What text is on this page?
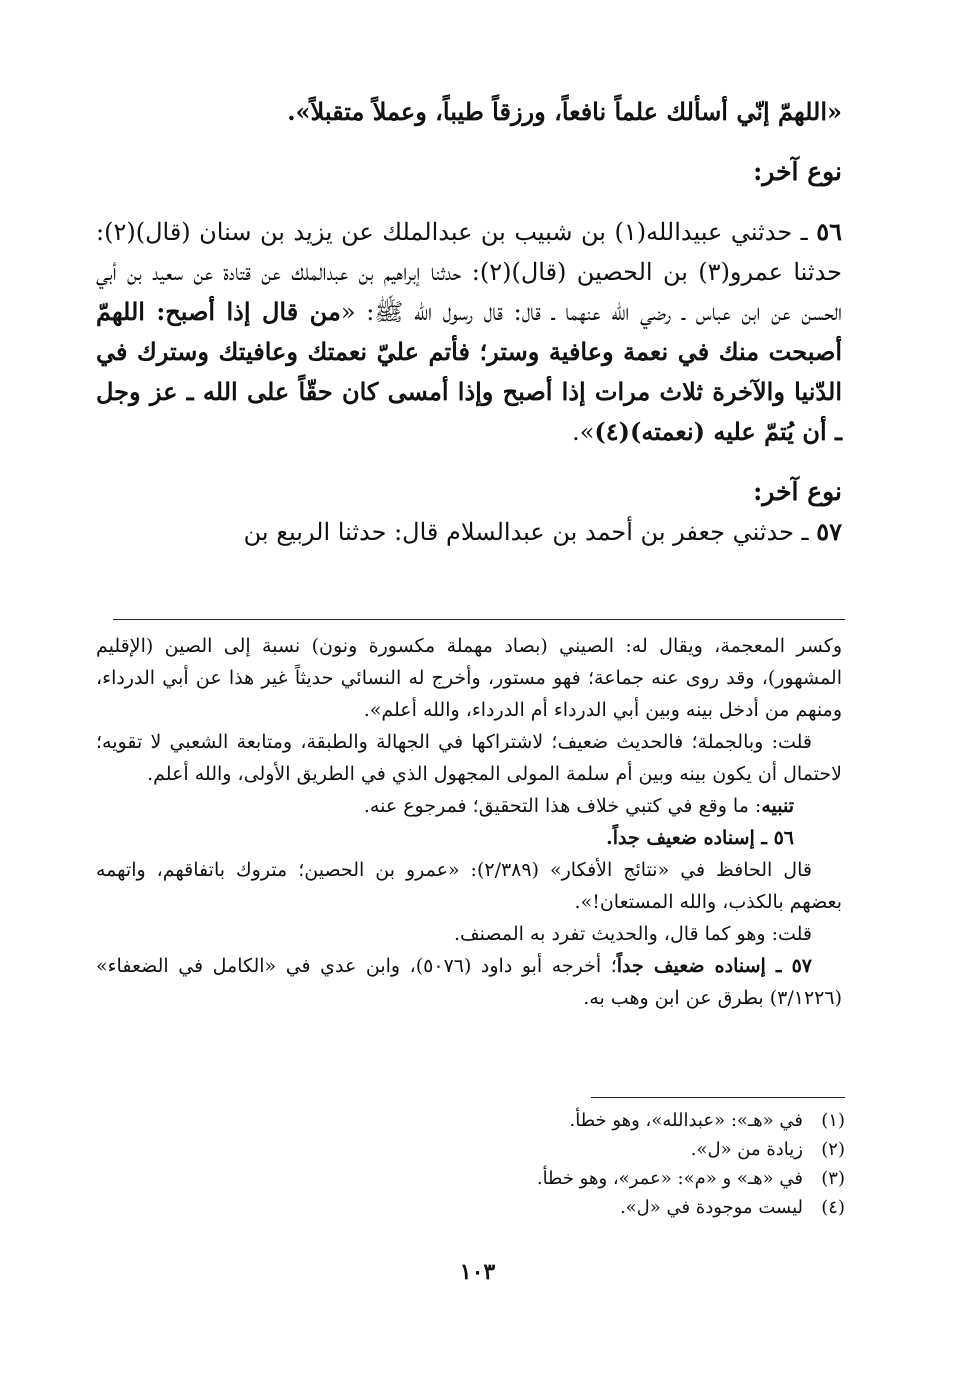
«اللهمّ إنّي أسألك علماً نافعاً، ورزقاً طيباً، وعملاً متقبلاً».

نوع آخر:

٥٦ ـ حدثني عبيدالله(١) بن شبيب بن عبدالملك عن يزيد بن سنان (قال)(٢): حدثنا عمرو(٣) بن الحصين (قال)(٢): حدثنا إبراهيم بن عبدالملك عن قتادة عن سعيد بن أبي الحسن عن ابن عباس ـ رضي الله عنهما ـ قال: قال رسول الله ﷺ: «من قال إذا أصبح: اللهمّ أصبحت منك في نعمة وعافية وستر؛ فأتم عليّ نعمتك وعافيتك وسترك في الدّنيا والآخرة ثلاث مرات إذا أصبح وإذا أمسى كان حقّاً على الله ـ عز وجل ـ أن يُتمّ عليه (نعمته)(٤)».

نوع آخر:

٥٧ ـ حدثني جعفر بن أحمد بن عبدالسلام قال: حدثنا الربيع بن

وكسر المعجمة، ويقال له: الصيني (بصاد مهملة مكسورة ونون) نسبة إلى الصين (الإقليم المشهور)، وقد روى عنه جماعة؛ فهو مستور، وأخرج له النسائي حديثاً غير هذا عن أبي الدرداء، ومنهم من أدخل بينه وبين أبي الدرداء أم الدرداء، والله أعلم».

قلت: وبالجملة؛ فالحديث ضعيف؛ لاشتراكها في الجهالة والطبقة، ومتابعة الشعبي لا تقويه؛ لاحتمال أن يكون بينه وبين أم سلمة المولى المجهول الذي في الطريق الأولى، والله أعلم.

تنبيه: ما وقع في كتبي خلاف هذا التحقيق؛ فمرجوع عنه.

٥٦ ـ إسناده ضعيف جداً.

قال الحافظ في «نتائج الأفكار» (٢/٣٨٩): «عمرو بن الحصين؛ متروك باتفاقهم، واتهمه بعضهم بالكذب، والله المستعان!».

قلت: وهو كما قال، والحديث تفرد به المصنف.

٥٧ ـ إسناده ضعيف جداً؛ أخرجه أبو داود (٥٠٧٦)، وابن عدي في «الكامل في الضعفاء» (٣/١٢٢٦) بطرق عن ابن وهب به.

(١)
في «هـ»: «عبدالله»، وهو خطأ.
(٢)
زيادة من «ل».
(٣)
في «هـ» و «م»: «عمر»، وهو خطأ.
(٤)
ليست موجودة في «ل».
١٠٣
